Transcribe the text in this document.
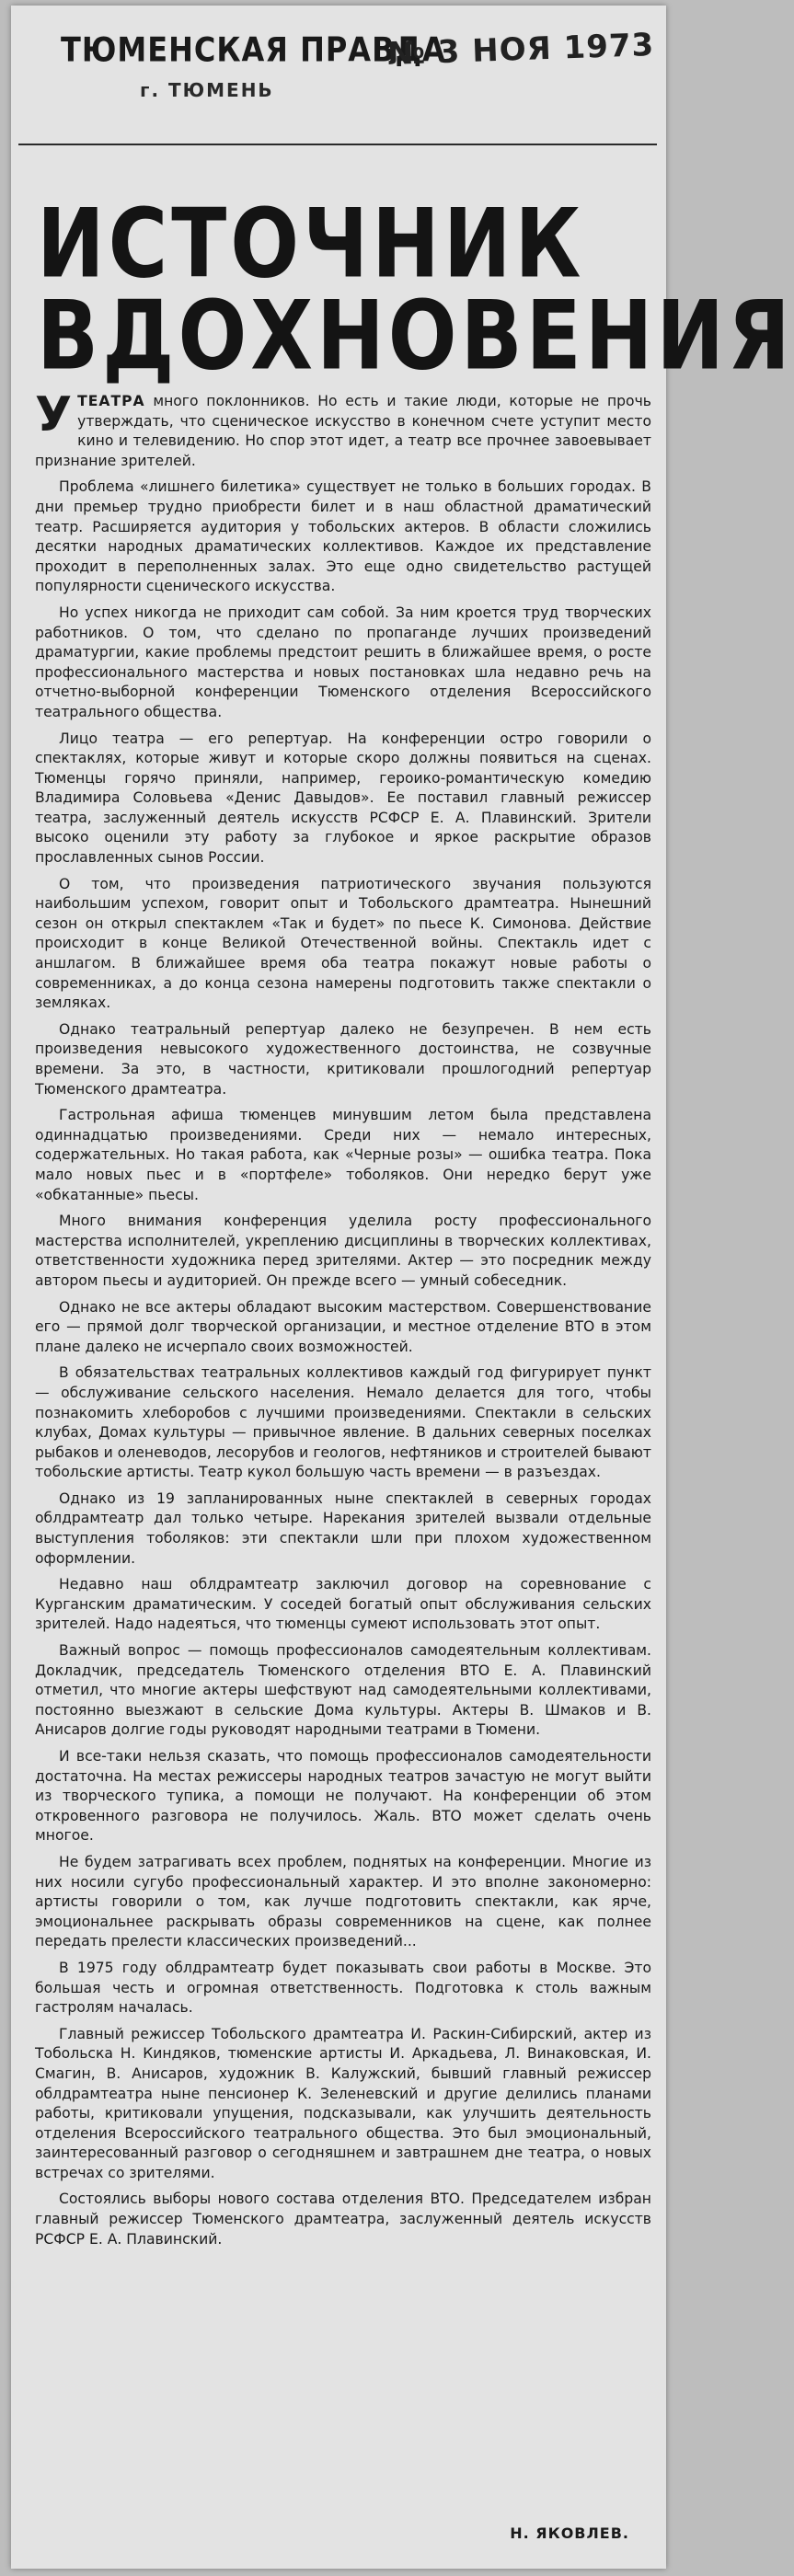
ТЮМЕНСКАЯ ПРАВДА
№ 3 НОЯ 1973
г. ТЮМЕНЬ
ИСТОЧНИК
ВДОХНОВЕНИЯ

УТЕАТРА много поклонников. Но есть и такие люди, которые не прочь утверждать, что сценическое искусство в конечном счете уступит место кино и телевидению. Но спор этот идет, а театр все прочнее завоевывает признание зрителей.

Проблема «лишнего билетика» существует не только в больших городах. В дни премьер трудно приобрести билет и в наш областной драматический театр. Расширяется аудитория у тобольских актеров. В области сложились десятки народных драматических коллективов. Каждое их представление проходит в переполненных залах. Это еще одно свидетельство растущей популярности сценического искусства.

Но успех никогда не приходит сам собой. За ним кроется труд творческих работников. О том, что сделано по пропаганде лучших произведений драматургии, какие проблемы предстоит решить в ближайшее время, о росте профессионального мастерства и новых постановках шла недавно речь на отчетно-выборной конференции Тюменского отделения Всероссийского театрального общества.

Лицо театра — его репертуар. На конференции остро говорили о спектаклях, которые живут и которые скоро должны появиться на сценах. Тюменцы горячо приняли, например, героико-романтическую комедию Владимира Соловьева «Денис Давыдов». Ее поставил главный режиссер театра, заслуженный деятель искусств РСФСР Е. А. Плавинский. Зрители высоко оценили эту работу за глубокое и яркое раскрытие образов прославленных сынов России.

О том, что произведения патриотического звучания пользуются наибольшим успехом, говорит опыт и Тобольского драмтеатра. Нынешний сезон он открыл спектаклем «Так и будет» по пьесе К. Симонова. Действие происходит в конце Великой Отечественной войны. Спектакль идет с аншлагом. В ближайшее время оба театра покажут новые работы о современниках, а до конца сезона намерены подготовить также спектакли о земляках.

Однако театральный репертуар далеко не безупречен. В нем есть произведения невысокого художественного достоинства, не созвучные времени. За это, в частности, критиковали прошлогодний репертуар Тюменского драмтеатра.

Гастрольная афиша тюменцев минувшим летом была представлена одиннадцатью произведениями. Среди них — немало интересных, содержательных. Но такая работа, как «Черные розы» — ошибка театра. Пока мало новых пьес и в «портфеле» тоболяков. Они нередко берут уже «обкатанные» пьесы.

Много внимания конференция уделила росту профессионального мастерства исполнителей, укреплению дисциплины в творческих коллективах, ответственности художника перед зрителями. Актер — это посредник между автором пьесы и аудиторией. Он прежде всего — умный собеседник.

Однако не все актеры обладают высоким мастерством. Совершенствование его — прямой долг творческой организации, и местное отделение ВТО в этом плане далеко не исчерпало своих возможностей.

В обязательствах театральных коллективов каждый год фигурирует пункт — обслуживание сельского населения. Немало делается для того, чтобы познакомить хлеборобов с лучшими произведениями. Спектакли в сельских клубах, Домах культуры — привычное явление. В дальних северных поселках рыбаков и оленеводов, лесорубов и геологов, нефтяников и строителей бывают тобольские артисты. Театр кукол большую часть времени — в разъездах.

Однако из 19 запланированных ныне спектаклей в северных городах облдрамтеатр дал только четыре. Нарекания зрителей вызвали отдельные выступления тоболяков: эти спектакли шли при плохом художественном оформлении.

Недавно наш облдрамтеатр заключил договор на соревнование с Курганским драматическим. У соседей богатый опыт обслуживания сельских зрителей. Надо надеяться, что тюменцы сумеют использовать этот опыт.

Важный вопрос — помощь профессионалов самодеятельным коллективам. Докладчик, председатель Тюменского отделения ВТО Е. А. Плавинский отметил, что многие актеры шефствуют над самодеятельными коллективами, постоянно выезжают в сельские Дома культуры. Актеры В. Шмаков и В. Анисаров долгие годы руководят народными театрами в Тюмени.

И все-таки нельзя сказать, что помощь профессионалов самодеятельности достаточна. На местах режиссеры народных театров зачастую не могут выйти из творческого тупика, а помощи не получают. На конференции об этом откровенного разговора не получилось. Жаль. ВТО может сделать очень многое.

Не будем затрагивать всех проблем, поднятых на конференции. Многие из них носили сугубо профессиональный характер. И это вполне закономерно: артисты говорили о том, как лучше подготовить спектакли, как ярче, эмоциональнее раскрывать образы современников на сцене, как полнее передать прелести классических произведений...

В 1975 году облдрамтеатр будет показывать свои работы в Москве. Это большая честь и огромная ответственность. Подготовка к столь важным гастролям началась.

Главный режиссер Тобольского драмтеатра И. Раскин-Сибирский, актер из Тобольска Н. Киндяков, тюменские артисты И. Аркадьева, Л. Винаковская, И. Смагин, В. Анисаров, художник В. Калужский, бывший главный режиссер облдрамтеатра ныне пенсионер К. Зеленевский и другие делились планами работы, критиковали упущения, подсказывали, как улучшить деятельность отделения Всероссийского театрального общества. Это был эмоциональный, заинтересованный разговор о сегодняшнем и завтрашнем дне театра, о новых встречах со зрителями.

Состоялись выборы нового состава отделения ВТО. Председателем избран главный режиссер Тюменского драмтеатра, заслуженный деятель искусств РСФСР Е. А. Плавинский.

Н. ЯКОВЛЕВ.
